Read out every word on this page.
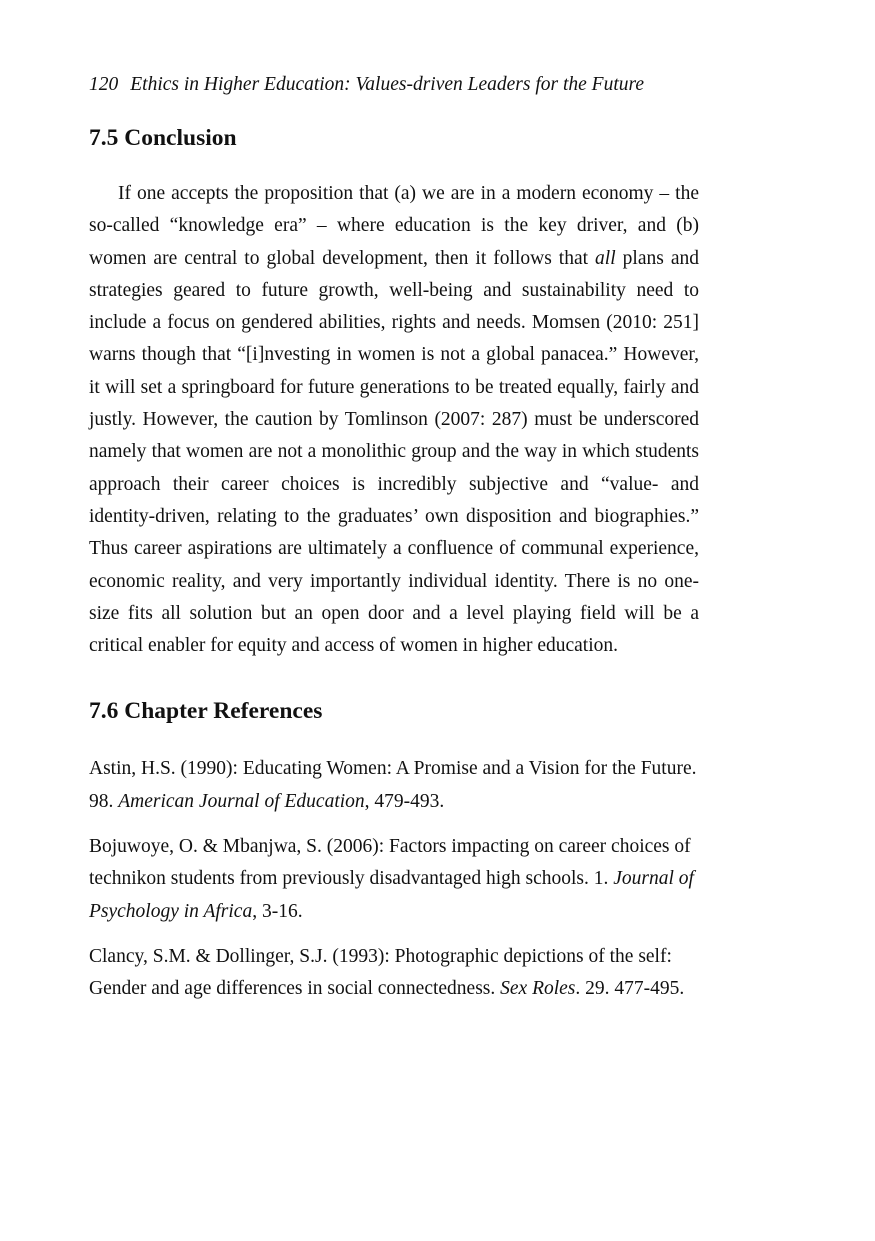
120 Ethics in Higher Education: Values-driven Leaders for the Future

7.5 Conclusion

If one accepts the proposition that (a) we are in a modern economy – the so-called “knowledge era” – where education is the key driver, and (b) women are central to global development, then it follows that all plans and strategies geared to future growth, well-being and sustainability need to include a focus on gendered abilities, rights and needs. Momsen (2010: 251] warns though that “[i]nvesting in women is not a global panacea.” However, it will set a springboard for future generations to be treated equally, fairly and justly. However, the caution by Tomlinson (2007: 287) must be underscored namely that women are not a monolithic group and the way in which students approach their career choices is incredibly subjective and “value- and identity-driven, relating to the graduates’ own disposition and biographies.” Thus career aspirations are ultimately a confluence of communal experience, economic reality, and very importantly individual identity. There is no one-size fits all solution but an open door and a level playing field will be a critical enabler for equity and access of women in higher education.

7.6 Chapter References

Astin, H.S. (1990): Educating Women: A Promise and a Vision for the Future. 98. American Journal of Education, 479-493.

Bojuwoye, O. & Mbanjwa, S. (2006): Factors impacting on career choices of technikon students from previously disadvantaged high schools. 1. Journal of Psychology in Africa, 3-16.

Clancy, S.M. & Dollinger, S.J. (1993): Photographic depictions of the self: Gender and age differences in social connectedness. Sex Roles. 29. 477-495.
